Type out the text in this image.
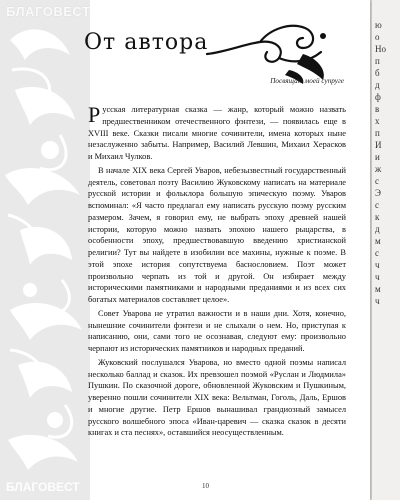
БЛАГОВЕСТ
БЛАГОВЕСТ
От автора
Посвящаю моей супруге

Русская литературная сказка — жанр, который можно назвать предшественником отечественного фэнтези, — появилась еще в XVIII веке. Сказки писали многие сочинители, имена которых ныне незаслуженно забыты. Например, Василий Левшин, Михаил Херасков и Михаил Чулков.

В начале XIX века Сергей Уваров, небезызвестный государственный деятель, советовал поэту Василию Жуковскому написать на материале русской истории и фольклора большую эпическую поэму. Уваров вспоминал: «Я часто предлагал ему написать русскую поэму русским размером. Зачем, я говорил ему, не выбрать эпоху древней нашей истории, которую можно назвать эпохою нашего рыцарства, в особенности эпоху, предшествовавшую введению христианской религии? Тут вы найдете в изобилии все махины, нужные к поэме. В этой эпохе история сопутствуема баснословием. Поэт может произвольно черпать из той и другой. Он избирает между историческими памятниками и народными преданиями и из всех сих богатых материалов составляет целое».

Совет Уварова не утратил важности и в наши дни. Хотя, конечно, нынешние сочинители фэнтези и не слыхали о нем. Но, приступая к написанию, они, сами того не осознавая, следуют ему: произвольно черпают из исторических памятников и народных преданий.

Жуковский послушался Уварова, но вместо одной поэмы написал несколько баллад и сказок. Их превзошел поэмой «Руслан и Людмила» Пушкин. По сказочной дороге, обновленной Жуковским и Пушкиным, уверенно пошли сочинители XIX века: Вельтман, Гоголь, Даль, Ершов и многие другие. Петр Ершов вынашивал грандиозный замысел русского волшебного эпоса «Иван-царевич — сказка сказок в десяти книгах и ста песнях», оставшийся неосуществленным.

10
ю
о
Но
п
б
д
ф
в
х
п
И
и
ж
с
Э
с
к
д
м
с
ч
ч
м
ч
